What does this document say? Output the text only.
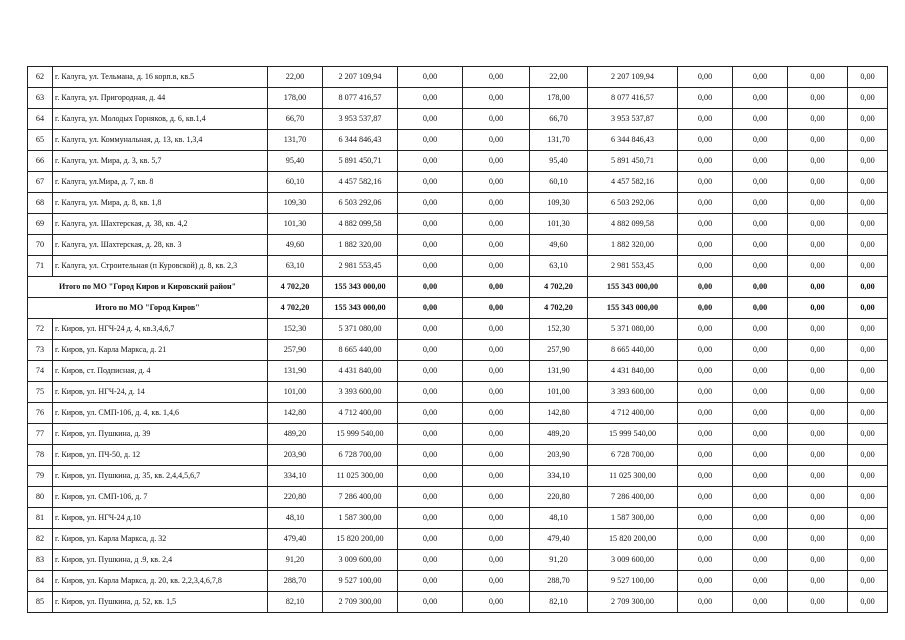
62	г. Калуга, ул. Тельмана, д. 16 корп.в, кв.5	22,00	2 207 109,94	0,00	0,00	22,00	2 207 109,94	0,00	0,00	0,00	0,00
63	г. Калуга, ул. Пригородная, д. 44	178,00	8 077 416,57	0,00	0,00	178,00	8 077 416,57	0,00	0,00	0,00	0,00
64	г. Калуга, ул. Молодых Горняков, д. 6, кв.1,4	66,70	3 953 537,87	0,00	0,00	66,70	3 953 537,87	0,00	0,00	0,00	0,00
65	г. Калуга, ул. Коммунальная, д. 13, кв. 1,3,4	131,70	6 344 846,43	0,00	0,00	131,70	6 344 846,43	0,00	0,00	0,00	0,00
66	г. Калуга, ул. Мира, д. 3, кв. 5,7	95,40	5 891 450,71	0,00	0,00	95,40	5 891 450,71	0,00	0,00	0,00	0,00
67	г. Калуга, ул.Мира, д. 7, кв. 8	60,10	4 457 582,16	0,00	0,00	60,10	4 457 582,16	0,00	0,00	0,00	0,00
68	г. Калуга, ул. Мира, д. 8, кв. 1,8	109,30	6 503 292,06	0,00	0,00	109,30	6 503 292,06	0,00	0,00	0,00	0,00
69	г. Калуга, ул. Шахтерская, д. 38, кв. 4,2	101,30	4 882 099,58	0,00	0,00	101,30	4 882 099,58	0,00	0,00	0,00	0,00
70	г. Калуга, ул. Шахтерская, д. 28, кв. 3	49,60	1 882 320,00	0,00	0,00	49,60	1 882 320,00	0,00	0,00	0,00	0,00
71	г. Калуга, ул. Строительная (п Куровской) д. 8, кв. 2,3	63,10	2 981 553,45	0,00	0,00	63,10	2 981 553,45	0,00	0,00	0,00	0,00
Итого по МО "Город Киров и Кировский район"		4 702,20	155 343 000,00	0,00	0,00	4 702,20	155 343 000,00	0,00	0,00	0,00	0,00
Итого по МО "Город Киров"		4 702,20	155 343 000,00	0,00	0,00	4 702,20	155 343 000,00	0,00	0,00	0,00	0,00
72	г. Киров, ул. НГЧ-24 д. 4, кв.3,4,6,7	152,30	5 371 080,00	0,00	0,00	152,30	5 371 080,00	0,00	0,00	0,00	0,00
73	г. Киров, ул. Карла Маркса, д. 21	257,90	8 665 440,00	0,00	0,00	257,90	8 665 440,00	0,00	0,00	0,00	0,00
74	г. Киров, ст. Подписная, д. 4	131,90	4 431 840,00	0,00	0,00	131,90	4 431 840,00	0,00	0,00	0,00	0,00
75	г. Киров, ул. НГЧ-24, д. 14	101,00	3 393 600,00	0,00	0,00	101,00	3 393 600,00	0,00	0,00	0,00	0,00
76	г. Киров, ул. СМП-106, д. 4, кв. 1,4,6	142,80	4 712 400,00	0,00	0,00	142,80	4 712 400,00	0,00	0,00	0,00	0,00
77	г. Киров, ул. Пушкина, д. 39	489,20	15 999 540,00	0,00	0,00	489,20	15 999 540,00	0,00	0,00	0,00	0,00
78	г. Киров, ул. ПЧ-50, д. 12	203,90	6 728 700,00	0,00	0,00	203,90	6 728 700,00	0,00	0,00	0,00	0,00
79	г. Киров, ул. Пушкина, д. 35, кв. 2,4,4,5,6,7	334,10	11 025 300,00	0,00	0,00	334,10	11 025 300,00	0,00	0,00	0,00	0,00
80	г. Киров, ул. СМП-106, д. 7	220,80	7 286 400,00	0,00	0,00	220,80	7 286 400,00	0,00	0,00	0,00	0,00
81	г. Киров, ул. НГЧ-24 д.10	48,10	1 587 300,00	0,00	0,00	48,10	1 587 300,00	0,00	0,00	0,00	0,00
82	г. Киров, ул. Карла Маркса, д. 32	479,40	15 820 200,00	0,00	0,00	479,40	15 820 200,00	0,00	0,00	0,00	0,00
83	г. Киров, ул. Пушкина, д .9, кв. 2,4	91,20	3 009 600,00	0,00	0,00	91,20	3 009 600,00	0,00	0,00	0,00	0,00
84	г. Киров, ул. Карла Маркса, д. 20, кв. 2,2,3,4,6,7,8	288,70	9 527 100,00	0,00	0,00	288,70	9 527 100,00	0,00	0,00	0,00	0,00
85	г. Киров, ул. Пушкина, д. 52, кв. 1,5	82,10	2 709 300,00	0,00	0,00	82,10	2 709 300,00	0,00	0,00	0,00	0,00
